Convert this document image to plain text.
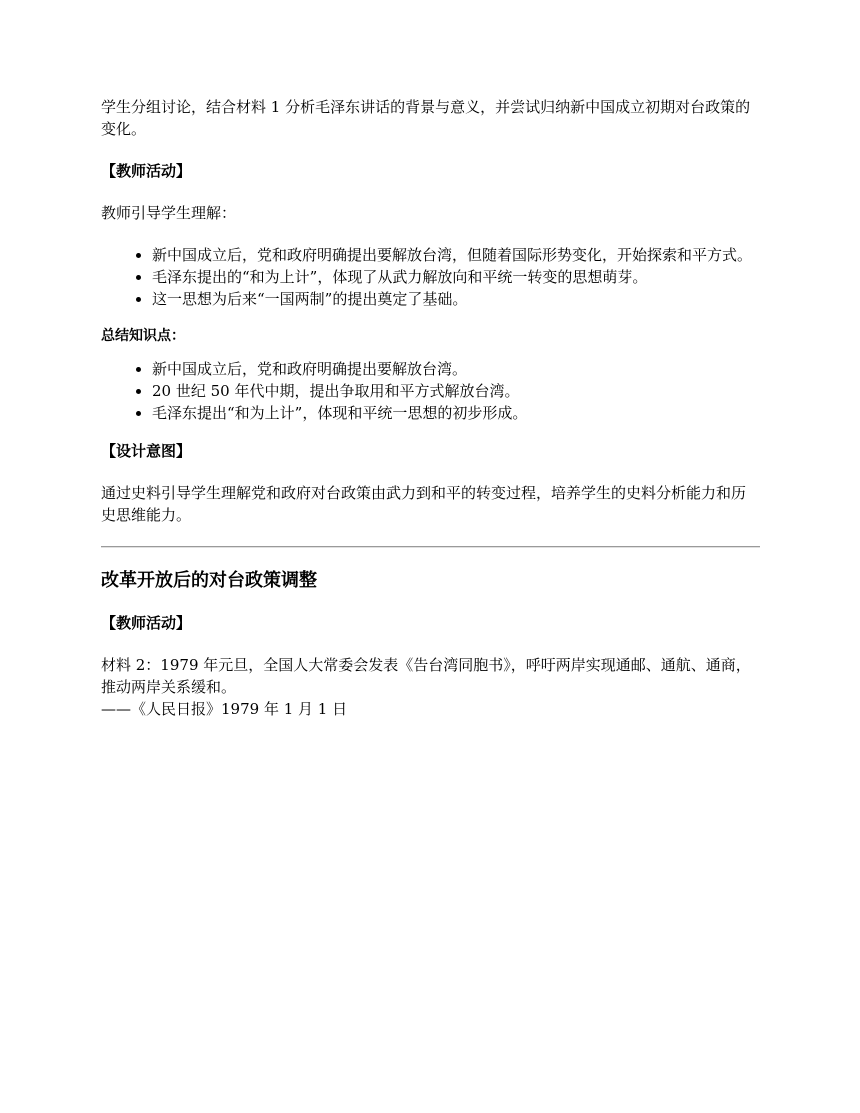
学生分组讨论，结合材料 1 分析毛泽东讲话的背景与意义，并尝试归纳新中国成立初期对台政策的变化。

【教师活动】

教师引导学生理解：

• 新中国成立后，党和政府明确提出要解放台湾，但随着国际形势变化，开始探索和平方式。
• 毛泽东提出的“和为上计”，体现了从武力解放向和平统一转变的思想萌芽。
• 这一思想为后来“一国两制”的提出奠定了基础。

总结知识点：

• 新中国成立后，党和政府明确提出要解放台湾。
• 20 世纪 50 年代中期，提出争取用和平方式解放台湾。
• 毛泽东提出“和为上计”，体现和平统一思想的初步形成。

【设计意图】

通过史料引导学生理解党和政府对台政策由武力到和平的转变过程，培养学生的史料分析能力和历史思维能力。

改革开放后的对台政策调整

【教师活动】

材料 2：1979 年元旦，全国人大常委会发表《告台湾同胞书》，呼吁两岸实现通邮、通航、通商，推动两岸关系缓和。

——《人民日报》1979 年 1 月 1 日
